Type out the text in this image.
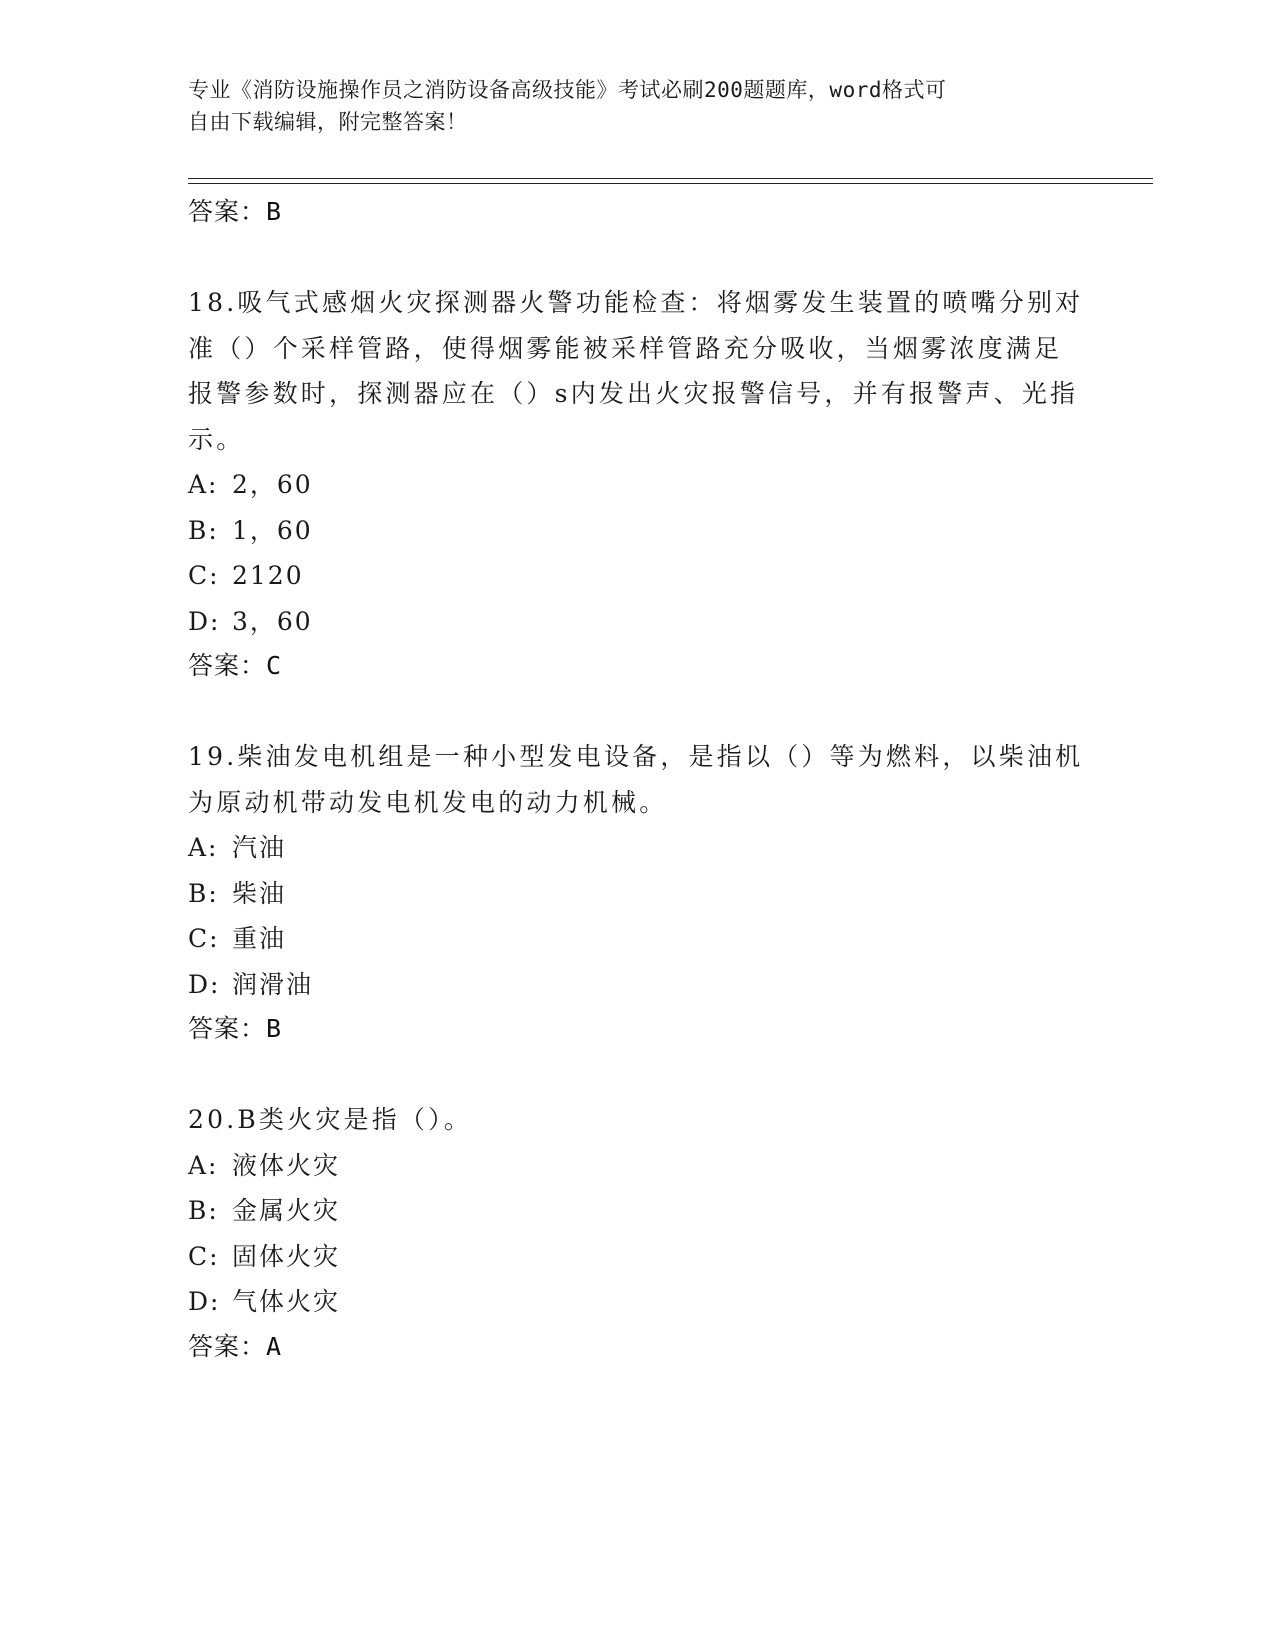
专业《消防设施操作员之消防设备高级技能》考试必刷200题题库，word格式可
自由下载编辑，附完整答案！
答案：B

18.吸气式感烟火灾探测器火警功能检查：将烟雾发生装置的喷嘴分别对准（）个采样管路，使得烟雾能被采样管路充分吸收，当烟雾浓度满足报警参数时，探测器应在（）s内发出火灾报警信号，并有报警声、光指示。

A: 2，60
B: 1，60
C: 2120
D: 3，60
答案：C

19.柴油发电机组是一种小型发电设备，是指以（）等为燃料，以柴油机为原动机带动发电机发电的动力机械。

A: 汽油
B: 柴油
C: 重油
D: 润滑油
答案：B

20.B类火灾是指（）。

A: 液体火灾
B: 金属火灾
C: 固体火灾
D: 气体火灾
答案：A
